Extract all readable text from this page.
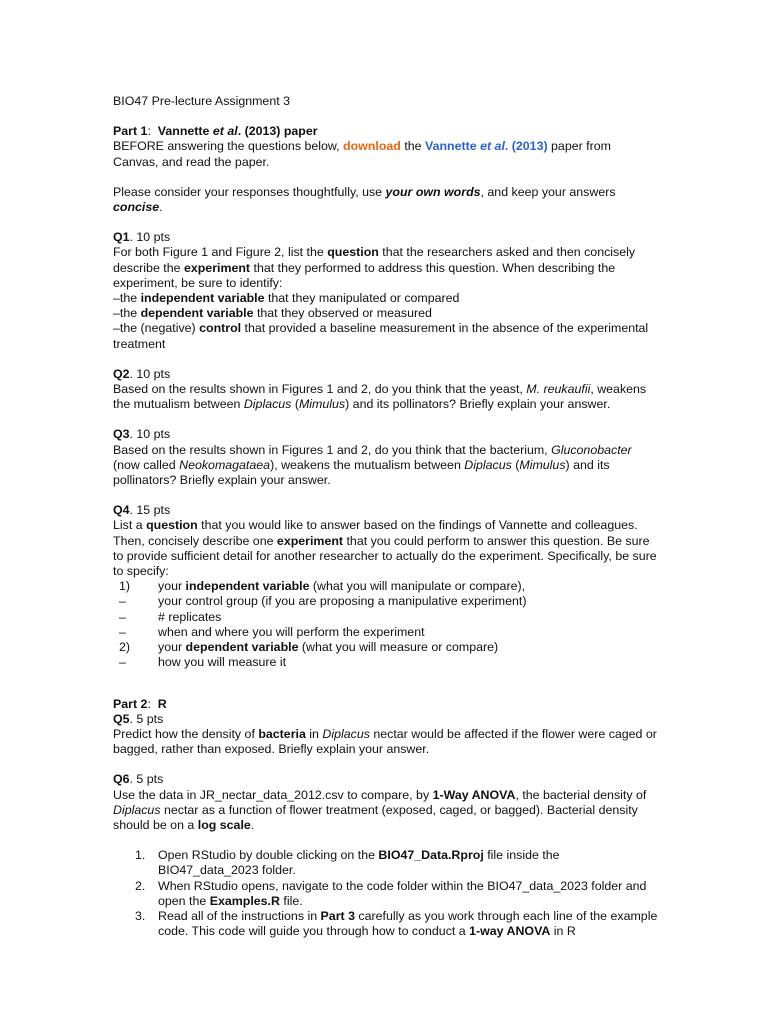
BIO47 Pre-lecture Assignment 3

Part 1: Vannette et al. (2013) paper

BEFORE answering the questions below, download the Vannette et al. (2013) paper from Canvas, and read the paper.

Please consider your responses thoughtfully, use your own words, and keep your answers concise.

Q1. 10 pts

For both Figure 1 and Figure 2, list the question that the researchers asked and then concisely describe the experiment that they performed to address this question. When describing the experiment, be sure to identify:

–the independent variable that they manipulated or compared

–the dependent variable that they observed or measured

–the (negative) control that provided a baseline measurement in the absence of the experimental treatment

Q2. 10 pts

Based on the results shown in Figures 1 and 2, do you think that the yeast, M. reukaufii, weakens the mutualism between Diplacus (Mimulus) and its pollinators? Briefly explain your answer.

Q3. 10 pts

Based on the results shown in Figures 1 and 2, do you think that the bacterium, Gluconobacter (now called Neokomagataea), weakens the mutualism between Diplacus (Mimulus) and its pollinators? Briefly explain your answer.

Q4. 15 pts

List a question that you would like to answer based on the findings of Vannette and colleagues. Then, concisely describe one experiment that you could perform to answer this question. Be sure to provide sufficient detail for another researcher to actually do the experiment. Specifically, be sure to specify:

1) your independent variable (what you will manipulate or compare),
–	your control group (if you are proposing a manipulative experiment)
–	# replicates
–	when and where you will perform the experiment
2) your dependent variable (what you will measure or compare)
–	how you will measure it

Part 2: R

Q5. 5 pts

Predict how the density of bacteria in Diplacus nectar would be affected if the flower were caged or bagged, rather than exposed. Briefly explain your answer.

Q6. 5 pts

Use the data in JR_nectar_data_2012.csv to compare, by 1-Way ANOVA, the bacterial density of Diplacus nectar as a function of flower treatment (exposed, caged, or bagged). Bacterial density should be on a log scale.

1. Open RStudio by double clicking on the BIO47_Data.Rproj file inside the BIO47_data_2023 folder.
2. When RStudio opens, navigate to the code folder within the BIO47_data_2023 folder and open the Examples.R file.
3. Read all of the instructions in Part 3 carefully as you work through each line of the example code. This code will guide you through how to conduct a 1-way ANOVA in R
